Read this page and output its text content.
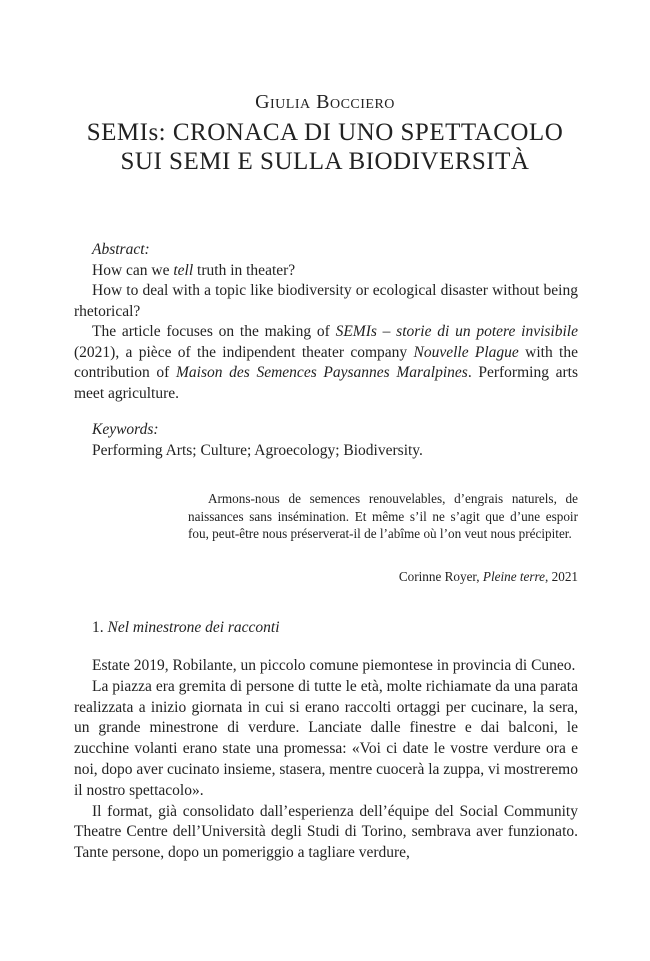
Giulia Bocciero
SEMIs: CRONACA DI UNO SPETTACOLO
SUI SEMI E SULLA BIODIVERSITÀ
Abstract:

How can we tell truth in theater?

How to deal with a topic like biodiversity or ecological disaster without being rhetorical?

The article focuses on the making of SEMIs – storie di un potere invisibile (2021), a pièce of the indipendent theater company Nouvelle Plague with the contribution of Maison des Semences Paysannes Maralpines. Performing arts meet agriculture.

Keywords:

Performing Arts; Culture; Agroecology; Biodiversity.

Armons-nous de semences renouvelables, d’engrais naturels, de naissances sans insémination. Et même s’il ne s’agit que d’une espoir fou, peut-être nous préserverat-il de l’abîme où l’on veut nous précipiter.

Corinne Royer, Pleine terre, 2021
1. Nel minestrone dei racconti

Estate 2019, Robilante, un piccolo comune piemontese in provincia di Cuneo.

La piazza era gremita di persone di tutte le età, molte richiamate da una parata realizzata a inizio giornata in cui si erano raccolti ortaggi per cucinare, la sera, un grande minestrone di verdure. Lanciate dalle finestre e dai balconi, le zucchine volanti erano state una promessa: «Voi ci date le vostre verdure ora e noi, dopo aver cucinato insieme, stasera, mentre cuocerà la zuppa, vi mostreremo il nostro spettacolo».

Il format, già consolidato dall’esperienza dell’équipe del Social Community Theatre Centre dell’Università degli Studi di Torino, sembrava aver funzionato. Tante persone, dopo un pomeriggio a tagliare verdure,
